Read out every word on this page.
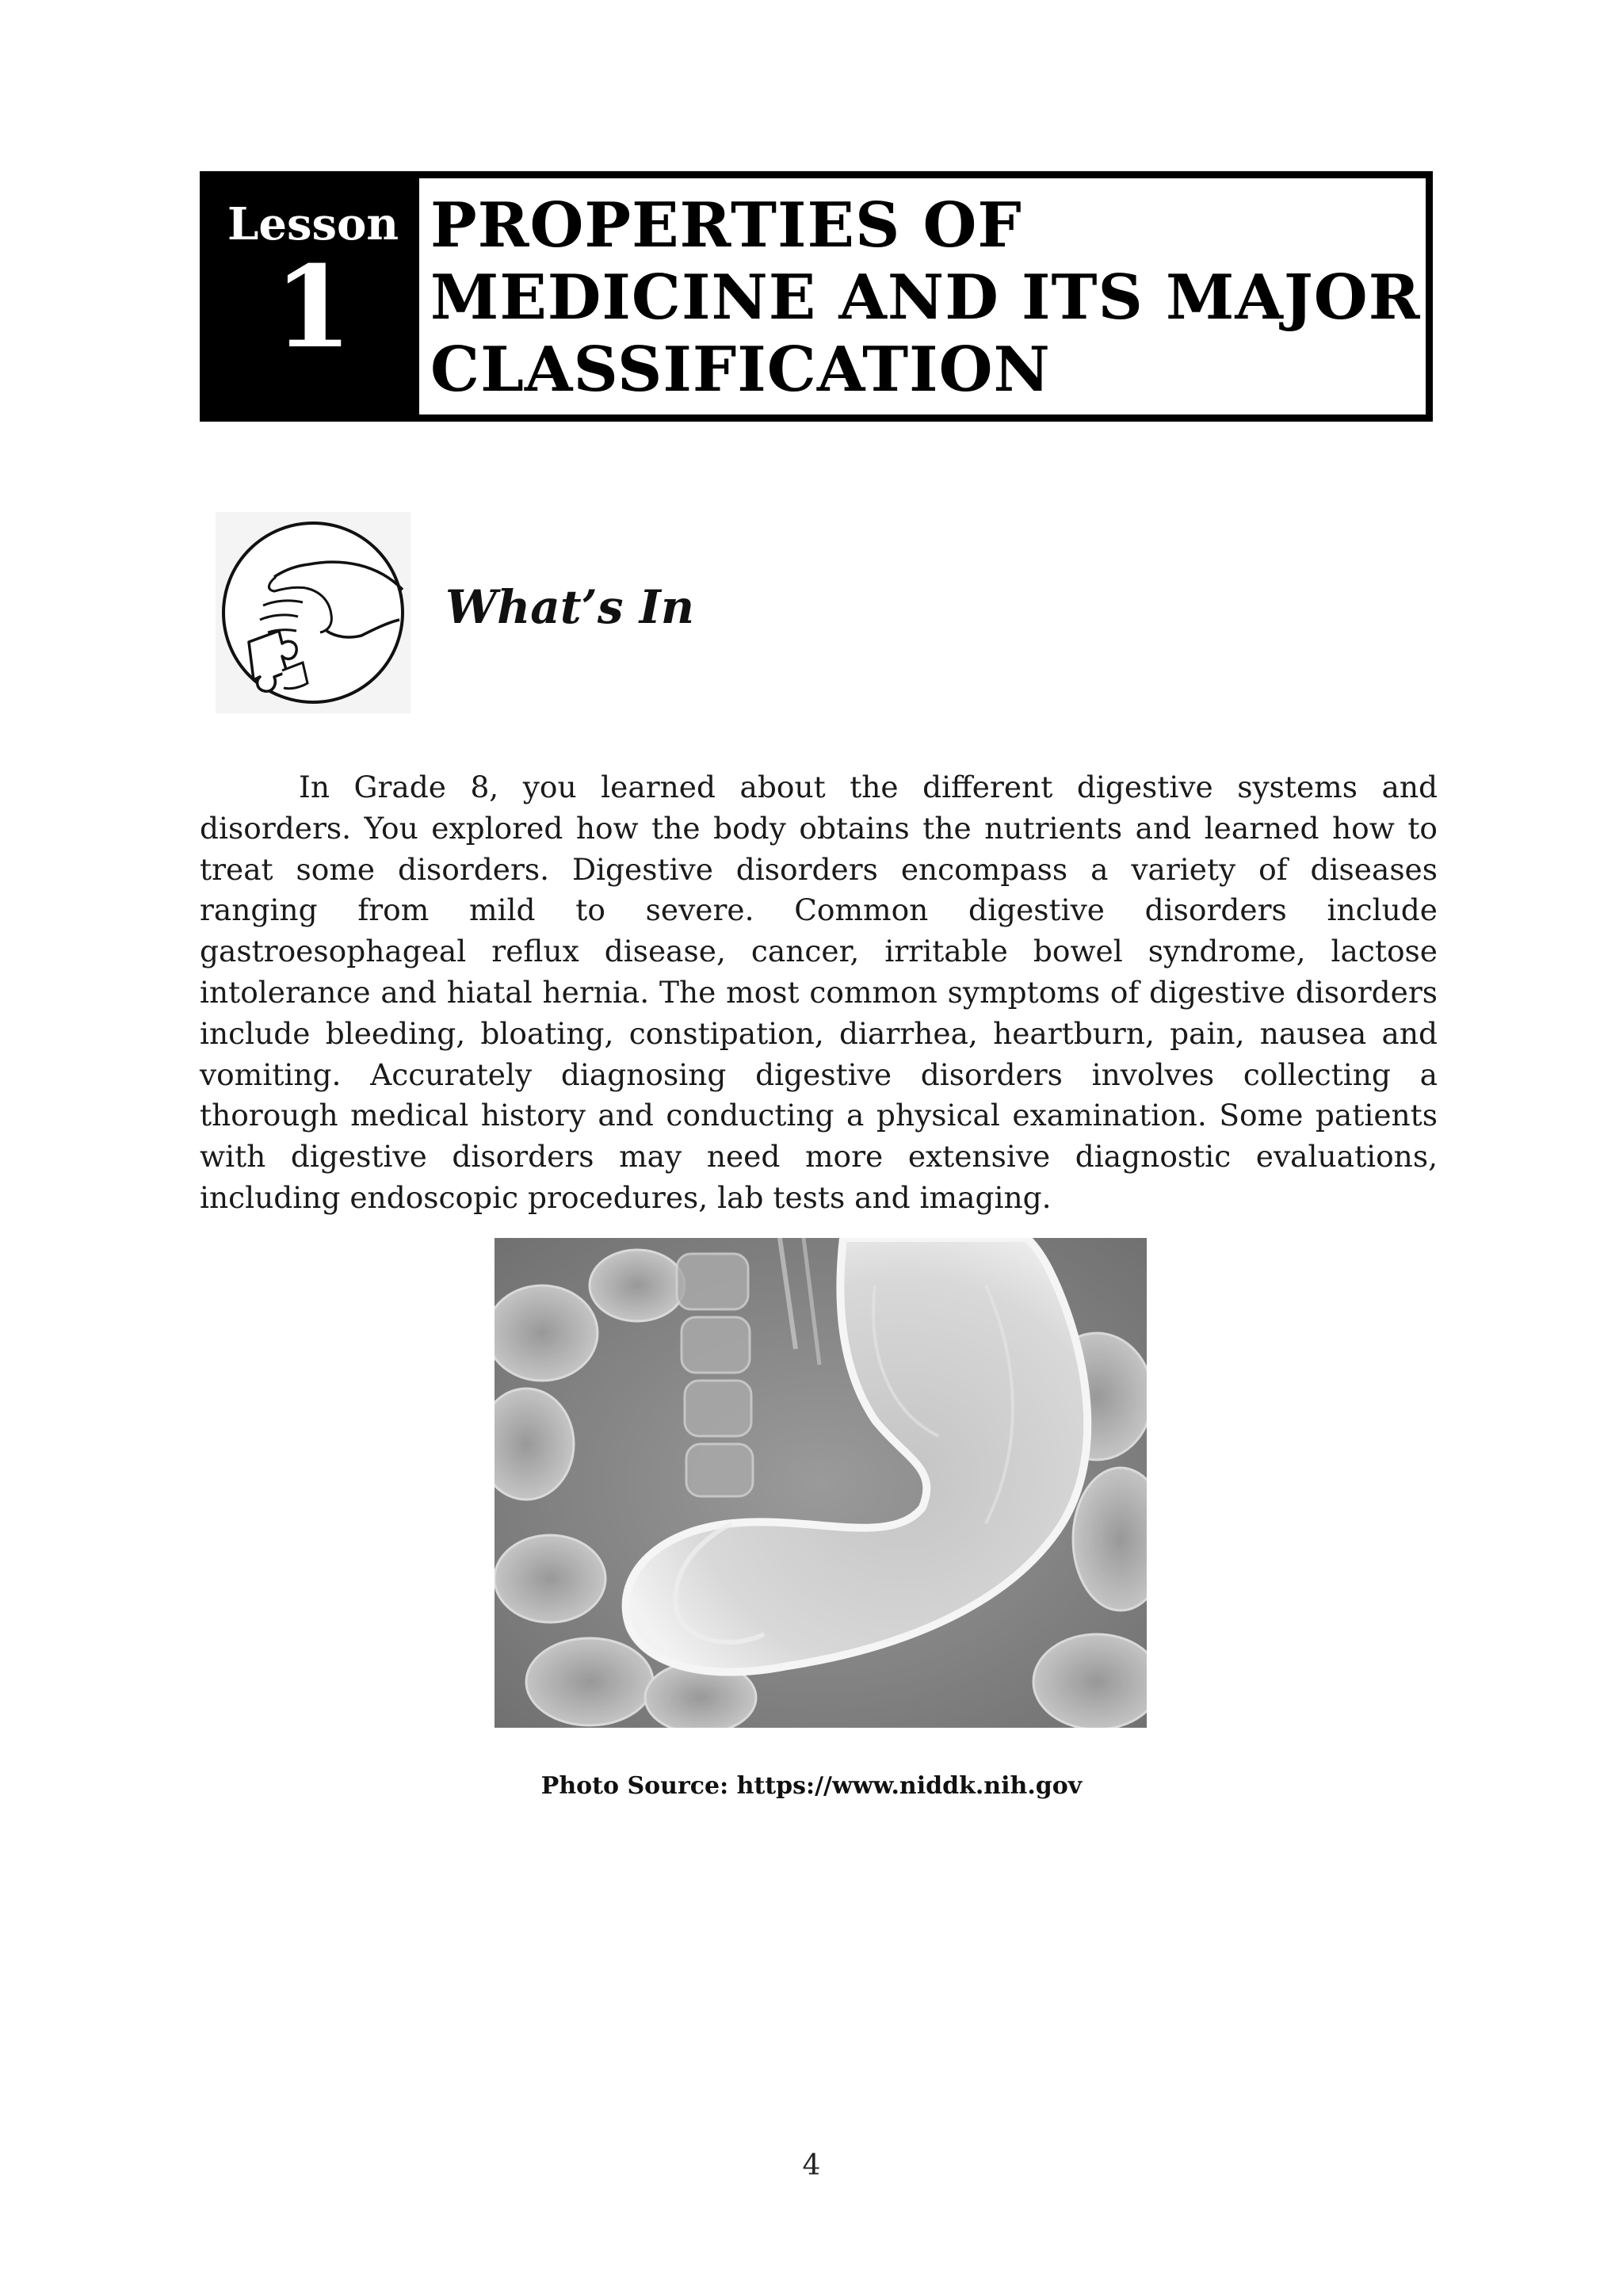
Lesson
1
PROPERTIES OF MEDICINE AND ITS MAJOR CLASSIFICATION
What’s In

In Grade 8, you learned about the different digestive systems and disorders. You explored how the body obtains the nutrients and learned how to treat some disorders. Digestive disorders encompass a variety of diseases ranging from mild to severe. Common digestive disorders include gastroesophageal reflux disease, cancer, irritable bowel syndrome, lactose intolerance and hiatal hernia. The most common symptoms of digestive disorders include bleeding, bloating, constipation, diarrhea, heartburn, pain, nausea and vomiting. Accurately diagnosing digestive disorders involves collecting a thorough medical history and conducting a physical examination. Some patients with digestive disorders may need more extensive diagnostic evaluations, including endoscopic procedures, lab tests and imaging.

Photo Source: https://www.niddk.nih.gov
4
